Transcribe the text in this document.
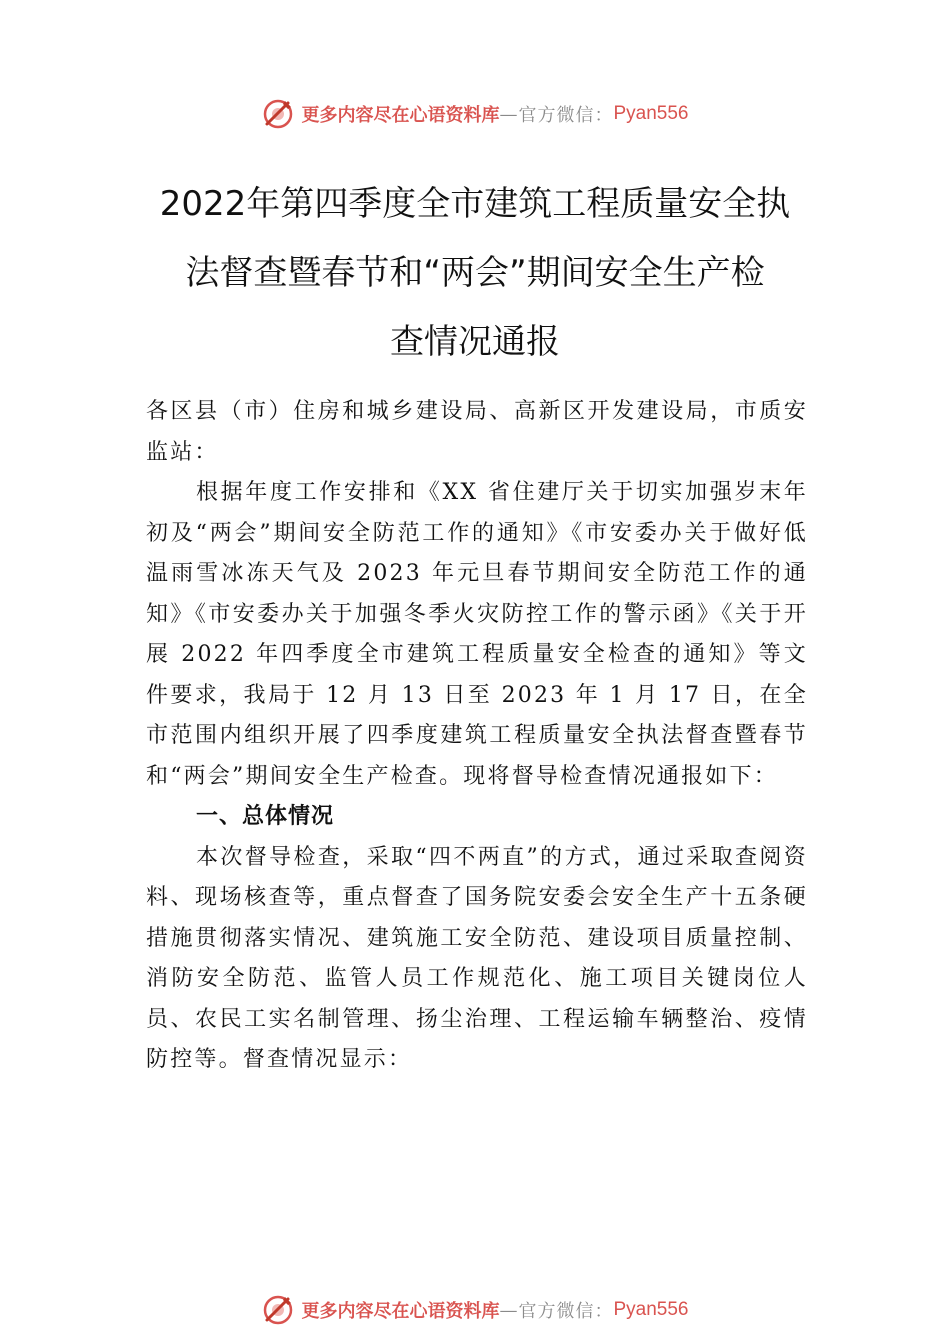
更多内容尽在心语资料库 — 官方微信： Pyan556
2022年第四季度全市建筑工程质量安全执
法督查暨春节和“两会”期间安全生产检
查情况通报

各区县（市）住房和城乡建设局、高新区开发建设局，市质安监站：

根据年度工作安排和《XX 省住建厅关于切实加强岁末年初及“两会”期间安全防范工作的通知》《市安委办关于做好低温雨雪冰冻天气及 2023 年元旦春节期间安全防范工作的通知》《市安委办关于加强冬季火灾防控工作的警示函》《关于开展 2022 年四季度全市建筑工程质量安全检查的通知》等文件要求，我局于 12 月 13 日至 2023 年 1 月 17 日，在全市范围内组织开展了四季度建筑工程质量安全执法督查暨春节和“两会”期间安全生产检查。现将督导检查情况通报如下：

一、总体情况

本次督导检查，采取“四不两直”的方式，通过采取查阅资料、现场核查等，重点督查了国务院安委会安全生产十五条硬措施贯彻落实情况、建筑施工安全防范、建设项目质量控制、消防安全防范、监管人员工作规范化、施工项目关键岗位人员、农民工实名制管理、扬尘治理、工程运输车辆整治、疫情防控等。督查情况显示：

更多内容尽在心语资料库 — 官方微信： Pyan556
